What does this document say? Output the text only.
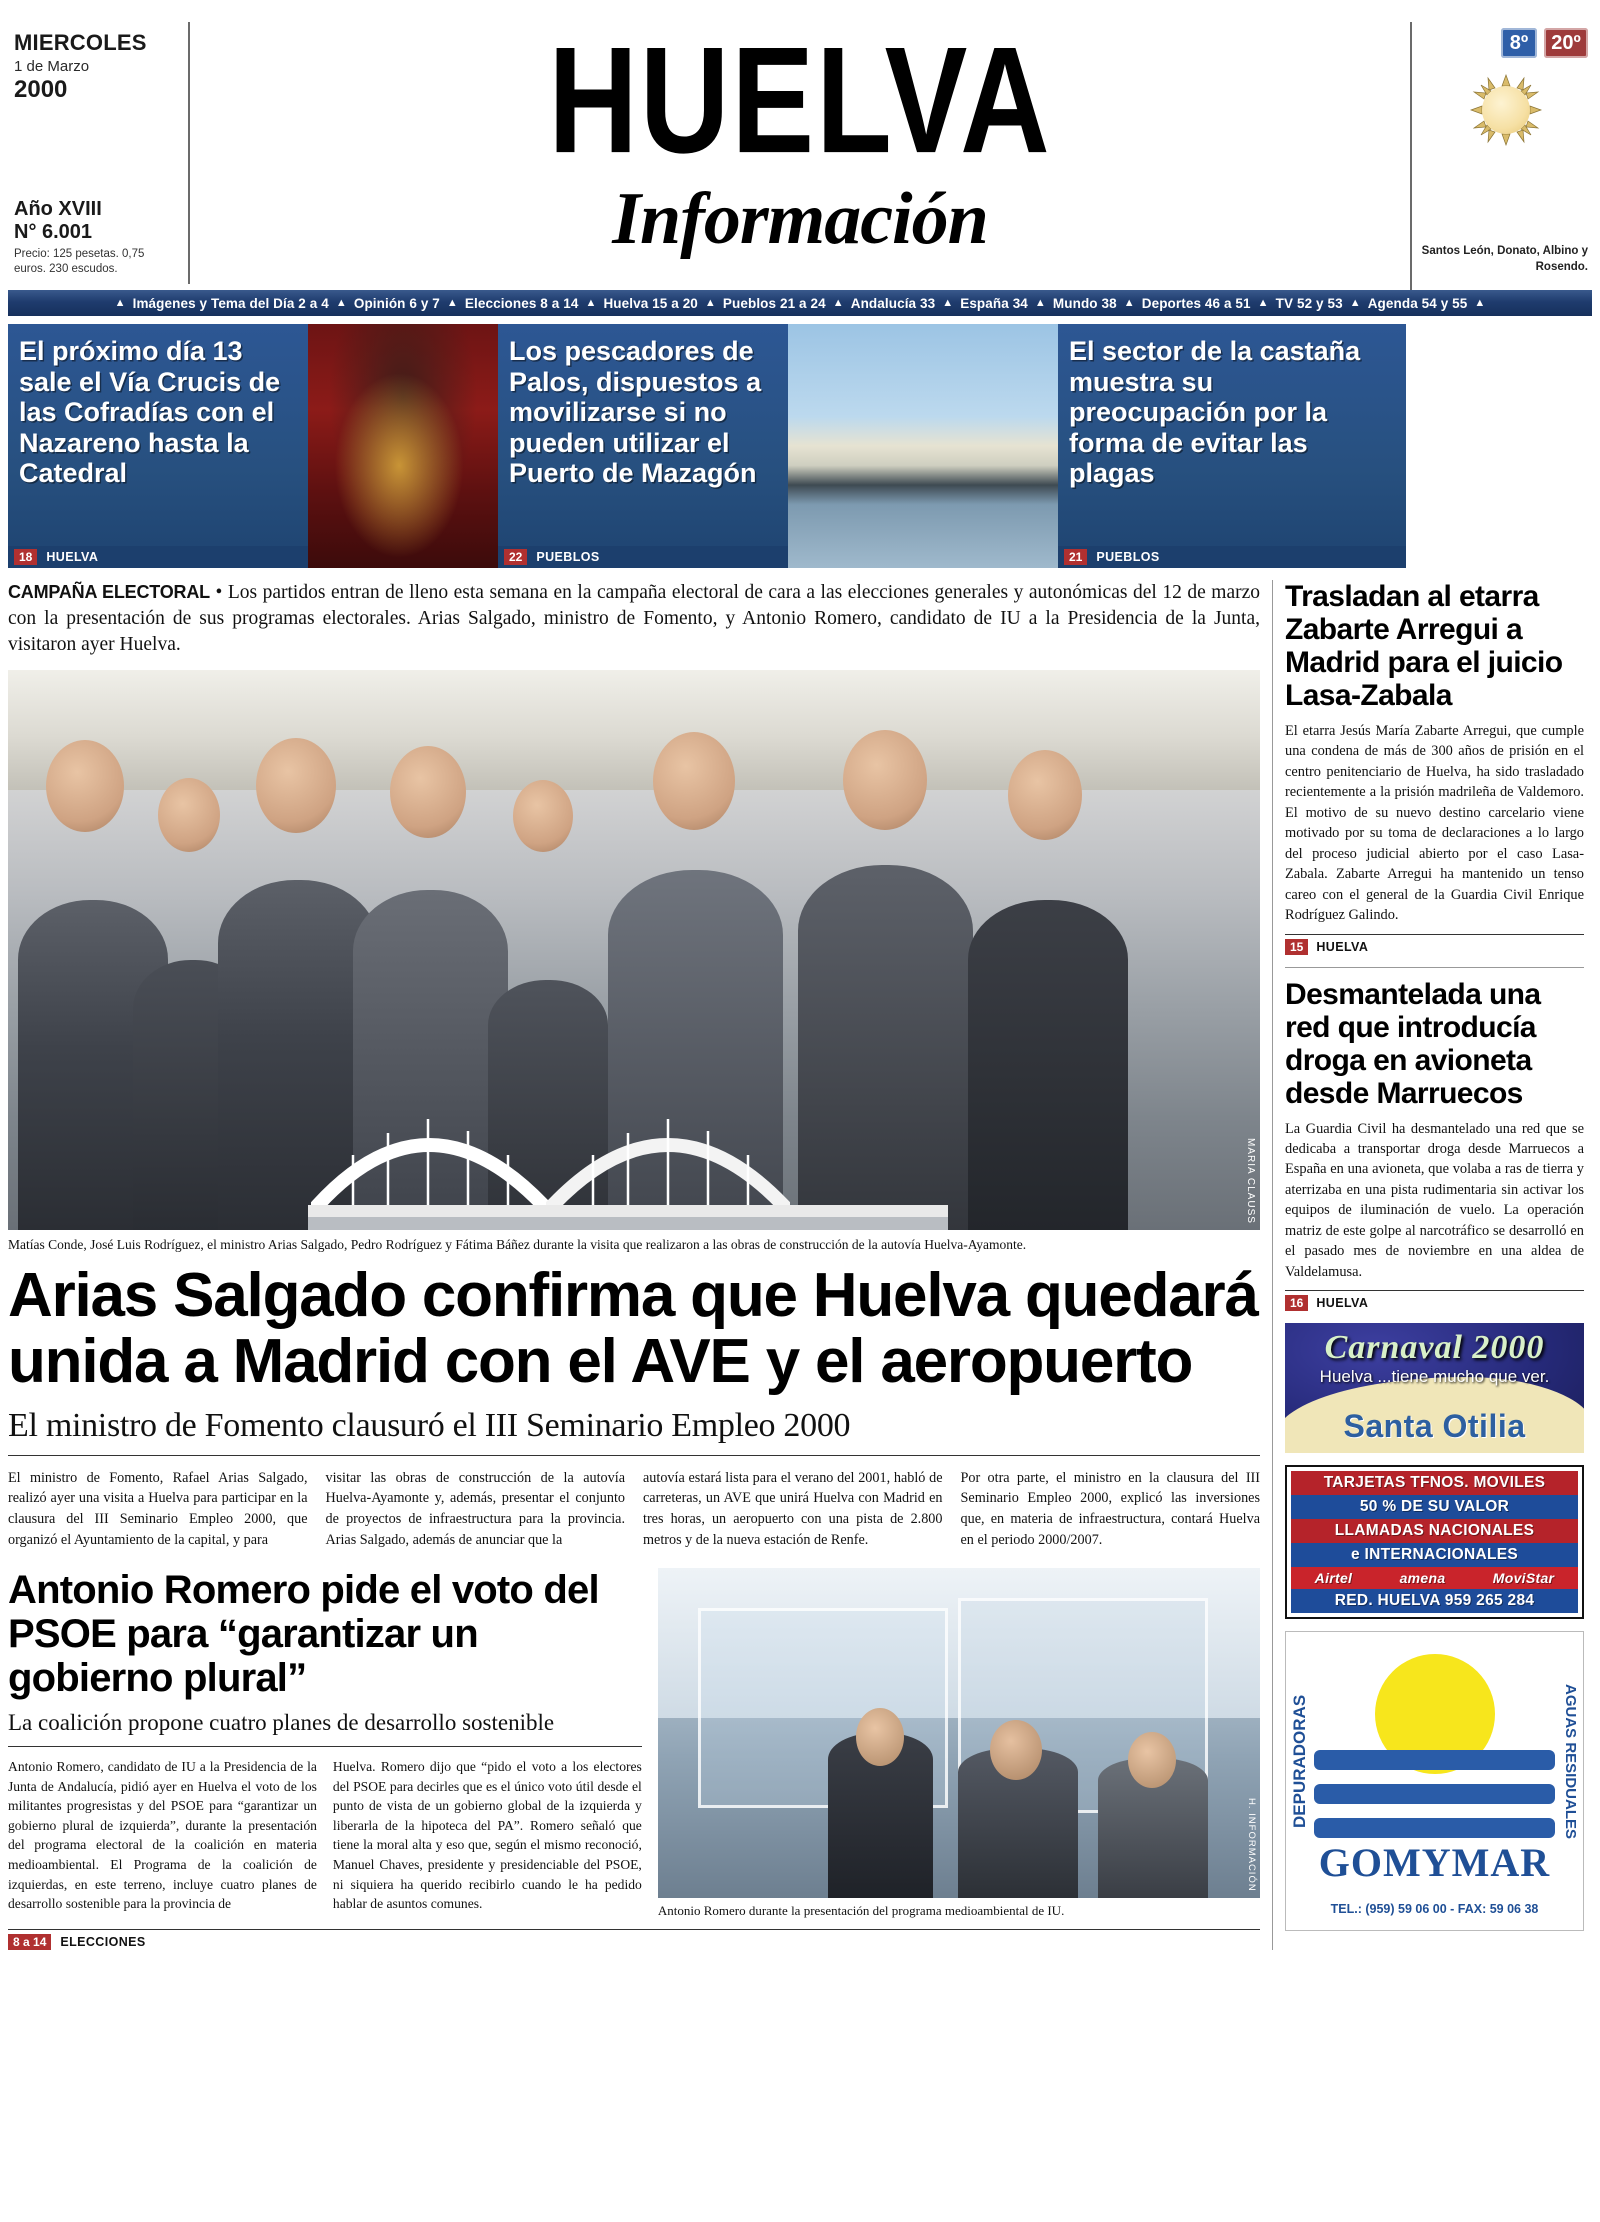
MIERCOLES
1 de Marzo
2000
Año XVIII
N° 6.001
Precio: 125 pesetas. 0,75 euros. 230 escudos.
HUELVA
Información
8º	20º
Santos León, Donato, Albino y Rosendo.
▲ Imágenes y Tema del Día 2 a 4 ▲ Opinión 6 y 7 ▲ Elecciones 8 a 14 ▲ Huelva 15 a 20 ▲ Pueblos 21 a 24 ▲ Andalucía 33 ▲ España 34 ▲ Mundo 38 ▲ Deportes 46 a 51 ▲ TV 52 y 53 ▲ Agenda 54 y 55 ▲
El próximo día 13 sale el Vía Crucis de las Cofradías con el Nazareno hasta la Catedral
18	HUELVA
Los pescadores de Palos, dispuestos a movilizarse si no pueden utilizar el Puerto de Mazagón
22	PUEBLOS
El sector de la castaña muestra su preocupación por la forma de evitar las plagas
21	PUEBLOS
CAMPAÑA ELECTORAL • Los partidos entran de lleno esta semana en la campaña electoral de cara a las elecciones generales y autonómicas del 12 de marzo con la presentación de sus programas electorales. Arias Salgado, ministro de Fomento, y Antonio Romero, candidato de IU a la Presidencia de la Junta, visitaron ayer Huelva.
MARIA CLAUSS
Matías Conde, José Luis Rodríguez, el ministro Arias Salgado, Pedro Rodríguez y Fátima Báñez durante la visita que realizaron a las obras de construcción de la autovía Huelva-Ayamonte.
Arias Salgado confirma que Huelva quedará unida a Madrid con el AVE y el aeropuerto
El ministro de Fomento clausuró el III Seminario Empleo 2000
El ministro de Fomento, Rafael Arias Salgado, realizó ayer una visita a Huelva para participar en la clausura del III Seminario Empleo 2000, que organizó el Ayuntamiento de la capital, y para
visitar las obras de construcción de la autovía Huelva-Ayamonte y, además, presentar el conjunto de proyectos de infraestructura para la provincia. Arias Salgado, además de anunciar que la
autovía estará lista para el verano del 2001, habló de carreteras, un AVE que unirá Huelva con Madrid en tres horas, un aeropuerto con una pista de 2.800 metros y de la nueva estación de Renfe.
Por otra parte, el ministro en la clausura del III Seminario Empleo 2000, explicó las inversiones que, en materia de infraestructura, contará Huelva en el periodo 2000/2007.
Antonio Romero pide el voto del PSOE para “garantizar un gobierno plural”
La coalición propone cuatro planes de desarrollo sostenible
Antonio Romero, candidato de IU a la Presidencia de la Junta de Andalucía, pidió ayer en Huelva el voto de los militantes progresistas y del PSOE para “garantizar un gobierno plural de izquierda”, durante la presentación del programa electoral de la coalición en materia medioambiental. El Programa de la coalición de izquierdas, en este terreno, incluye cuatro planes de desarrollo sostenible para la provincia de
Huelva. Romero dijo que “pido el voto a los electores del PSOE para decirles que es el único voto útil desde el punto de vista de un gobierno global de la izquierda y liberarla de la hipoteca del PA”. Romero señaló que tiene la moral alta y eso que, según el mismo reconoció, Manuel Chaves, presidente y presidenciable del PSOE, ni siquiera ha querido recibirlo cuando le ha pedido hablar de asuntos comunes.
H. INFORMACIÓN
Antonio Romero durante la presentación del programa medioambiental de IU.
8 a 14	ELECCIONES
Trasladan al etarra Zabarte Arregui a Madrid para el juicio Lasa-Zabala
El etarra Jesús María Zabarte Arregui, que cumple una condena de más de 300 años de prisión en el centro penitenciario de Huelva, ha sido trasladado recientemente a la prisión madrileña de Valdemoro. El motivo de su nuevo destino carcelario viene motivado por su toma de declaraciones a lo largo del proceso judicial abierto por el caso Lasa-Zabala. Zabarte Arregui ha mantenido un tenso careo con el general de la Guardia Civil Enrique Rodríguez Galindo.
15	HUELVA
Desmantelada una red que introducía droga en avioneta desde Marruecos
La Guardia Civil ha desmantelado una red que se dedicaba a transportar droga desde Marruecos a España en una avioneta, que volaba a ras de tierra y aterrizaba en una pista rudimentaria sin activar los equipos de iluminación de vuelo. La operación matriz de este golpe al narcotráfico se desarrolló en el pasado mes de noviembre en una aldea de Valdelamusa.
16	HUELVA
Carnaval 2000
Huelva ...tiene mucho que ver.
Santa Otilia
TARJETAS TFNOS. MOVILES
50 % DE SU VALOR
LLAMADAS NACIONALES
e INTERNACIONALES
Airtel	amena	MoviStar
RED. HUELVA 959 265 284
DEPURADORAS	AGUAS RESIDUALES
GOMYMAR
TEL.: (959) 59 06 00 - FAX: 59 06 38
